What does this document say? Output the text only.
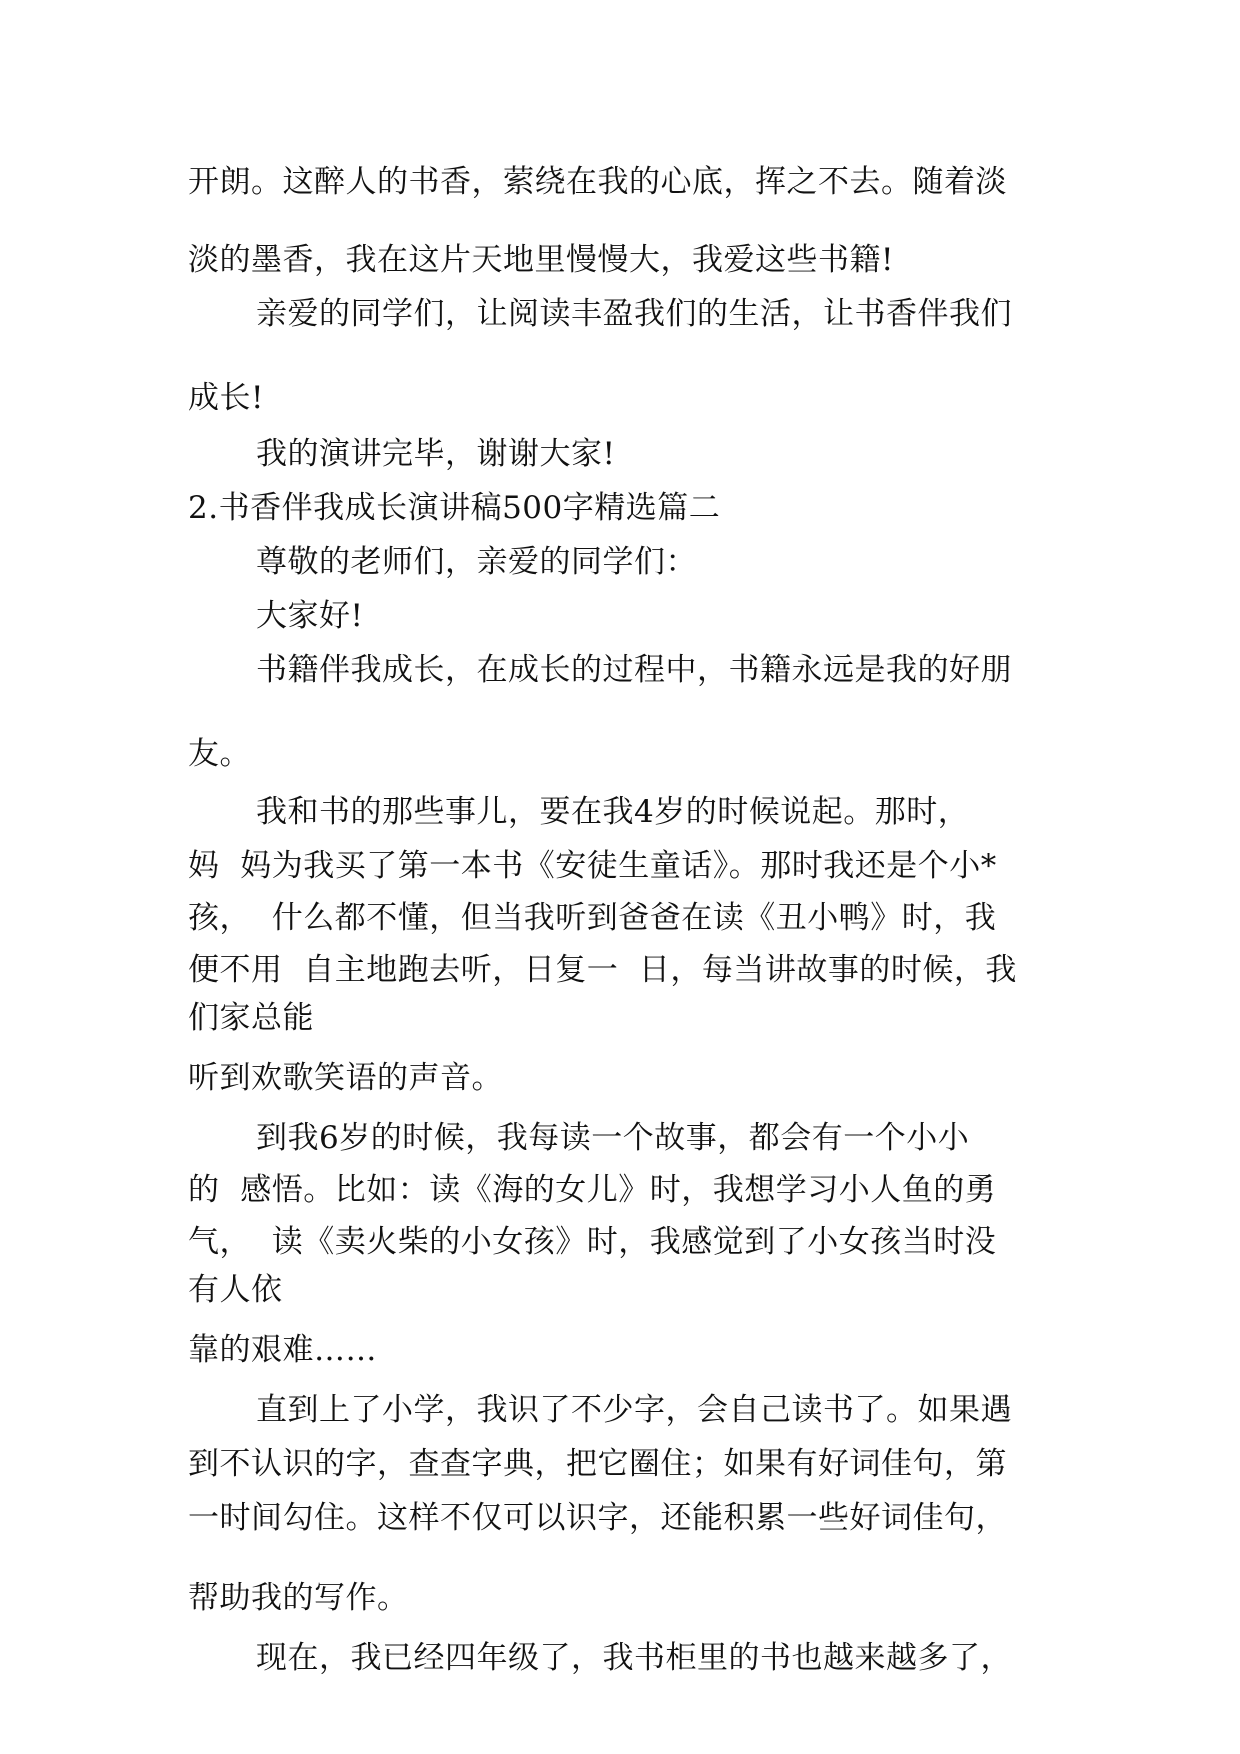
开朗。这醉人的书香，萦绕在我的心底，挥之不去。随着淡

淡的墨香，我在这片天地里慢慢大，我爱这些书籍!

亲爱的同学们，让阅读丰盈我们的生活，让书香伴我们

成长!

我的演讲完毕，谢谢大家!

2.书香伴我成长演讲稿500字精选篇二

尊敬的老师们，亲爱的同学们：

大家好!

书籍伴我成长，在成长的过程中，书籍永远是我的好朋

友。

我和书的那些事儿，要在我4岁的时候说起。那时，

妈  妈为我买了第一本书《安徒生童话》。那时我还是个小*

孩，  什么都不懂，但当我听到爸爸在读《丑小鸭》时，我

便不用  自主地跑去听，日复一  日，每当讲故事的时候，我

们家总能

听到欢歌笑语的声音。

到我6岁的时候，我每读一个故事，都会有一个小小

的  感悟。比如：读《海的女儿》时，我想学习小人鱼的勇

气，  读《卖火柴的小女孩》时，我感觉到了小女孩当时没

有人依

靠的艰难……

直到上了小学，我识了不少字，会自己读书了。如果遇

到不认识的字，查查字典，把它圈住；如果有好词佳句，第

一时间勾住。这样不仅可以识字，还能积累一些好词佳句，

帮助我的写作。

现在，我已经四年级了，我书柜里的书也越来越多了，
